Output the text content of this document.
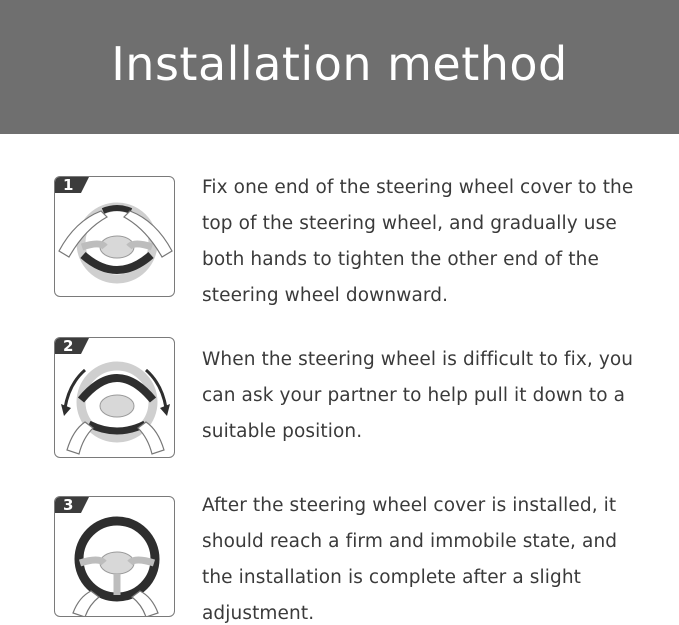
Installation method
1	Fix one end of the steering wheel cover to the top of the steering wheel, and gradually use both hands to tighten the other end of the steering wheel downward.
2
When the steering wheel is difficult to fix, you can ask your partner to help pull it down to a suitable position.
3	After the steering wheel cover is installed, it should reach a firm and immobile state, and the installation is complete after a slight adjustment.
